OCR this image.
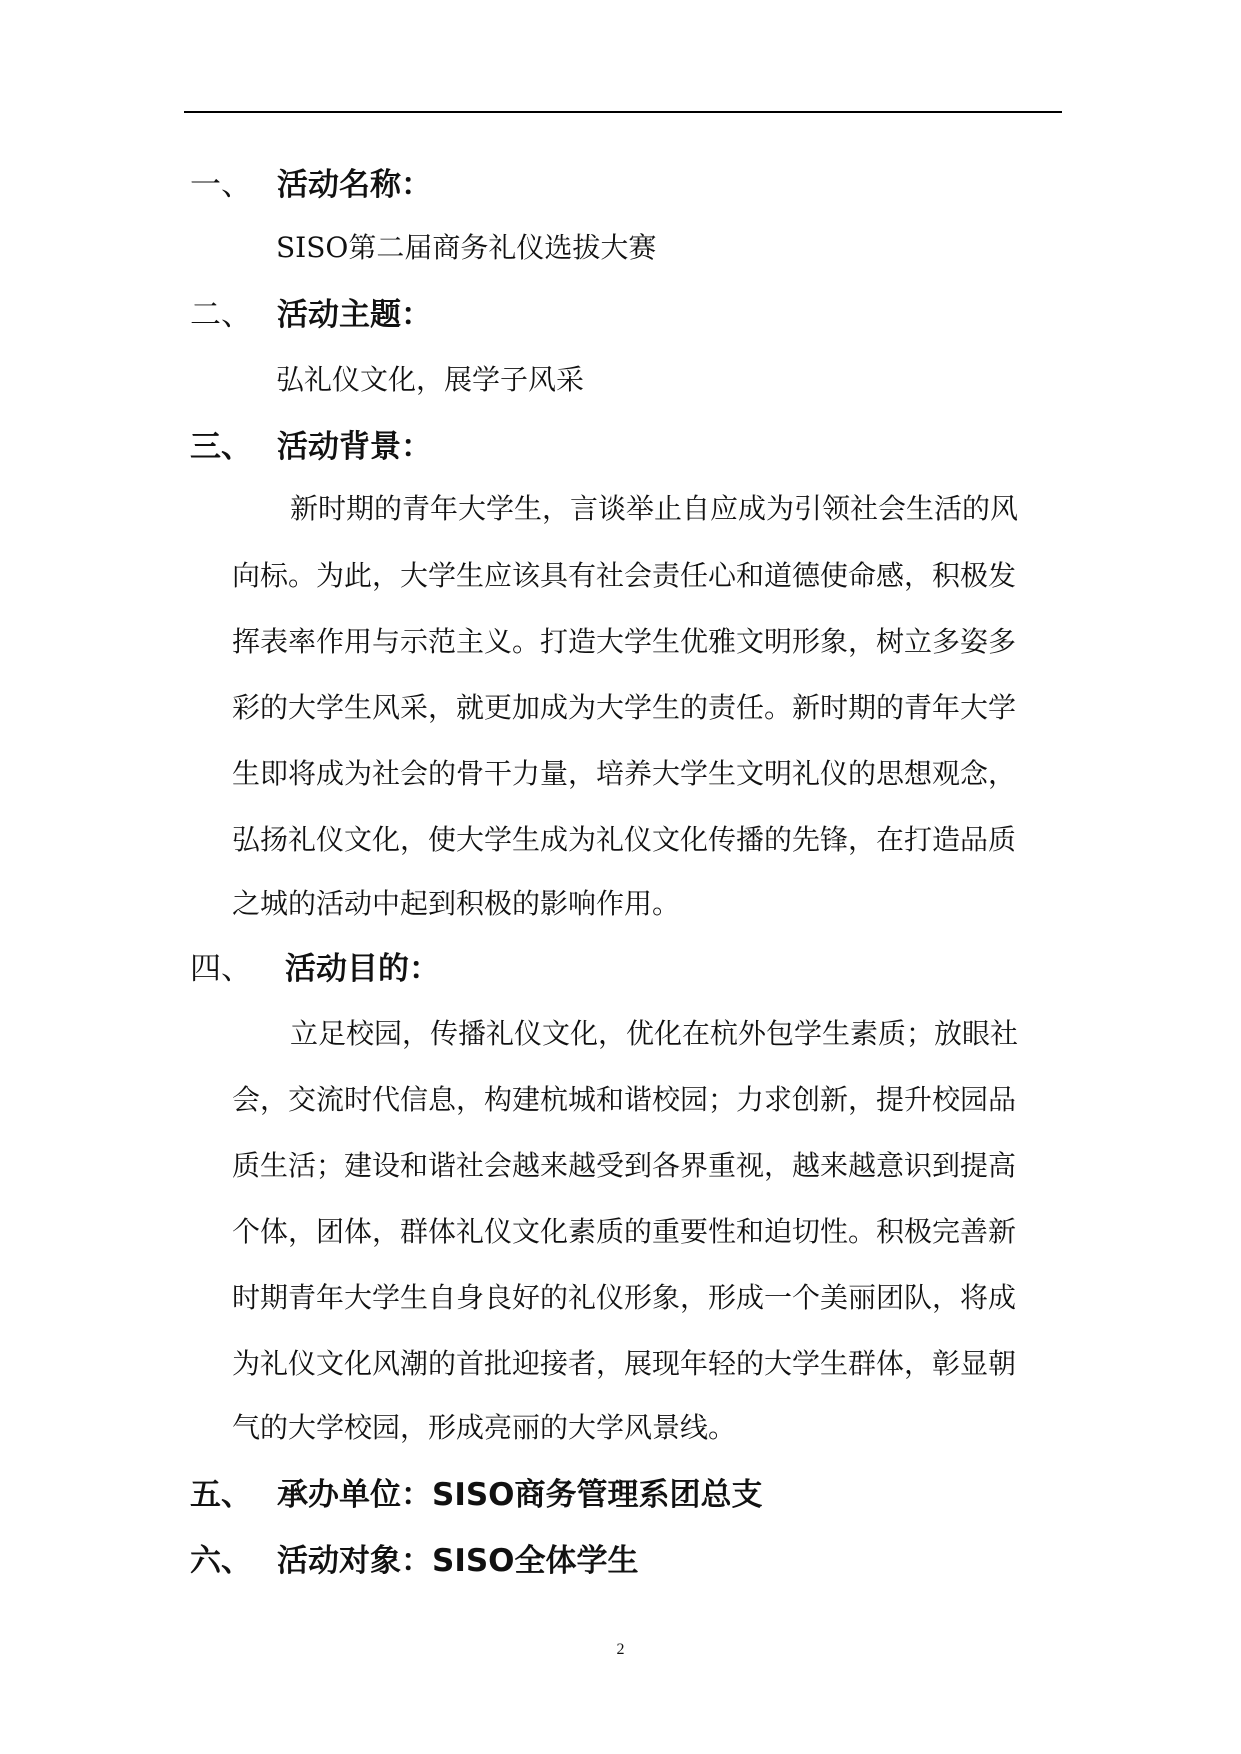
一、 活动名称：
SISO第二届商务礼仪选拔大赛
二、 活动主题：
弘礼仪文化，展学子风采
三、 活动背景：
新时期的青年大学生，言谈举止自应成为引领社会生活的风
向标。为此，大学生应该具有社会责任心和道德使命感，积极发
挥表率作用与示范主义。打造大学生优雅文明形象，树立多姿多
彩的大学生风采，就更加成为大学生的责任。新时期的青年大学
生即将成为社会的骨干力量，培养大学生文明礼仪的思想观念，
弘扬礼仪文化，使大学生成为礼仪文化传播的先锋，在打造品质
之城的活动中起到积极的影响作用。
四、 活动目的：
立足校园，传播礼仪文化，优化在杭外包学生素质；放眼社
会，交流时代信息，构建杭城和谐校园；力求创新，提升校园品
质生活；建设和谐社会越来越受到各界重视，越来越意识到提高
个体，团体，群体礼仪文化素质的重要性和迫切性。积极完善新
时期青年大学生自身良好的礼仪形象，形成一个美丽团队，将成
为礼仪文化风潮的首批迎接者，展现年轻的大学生群体，彰显朝
气的大学校园，形成亮丽的大学风景线。
五、 承办单位：SISO商务管理系团总支
六、 活动对象：SISO全体学生
2
